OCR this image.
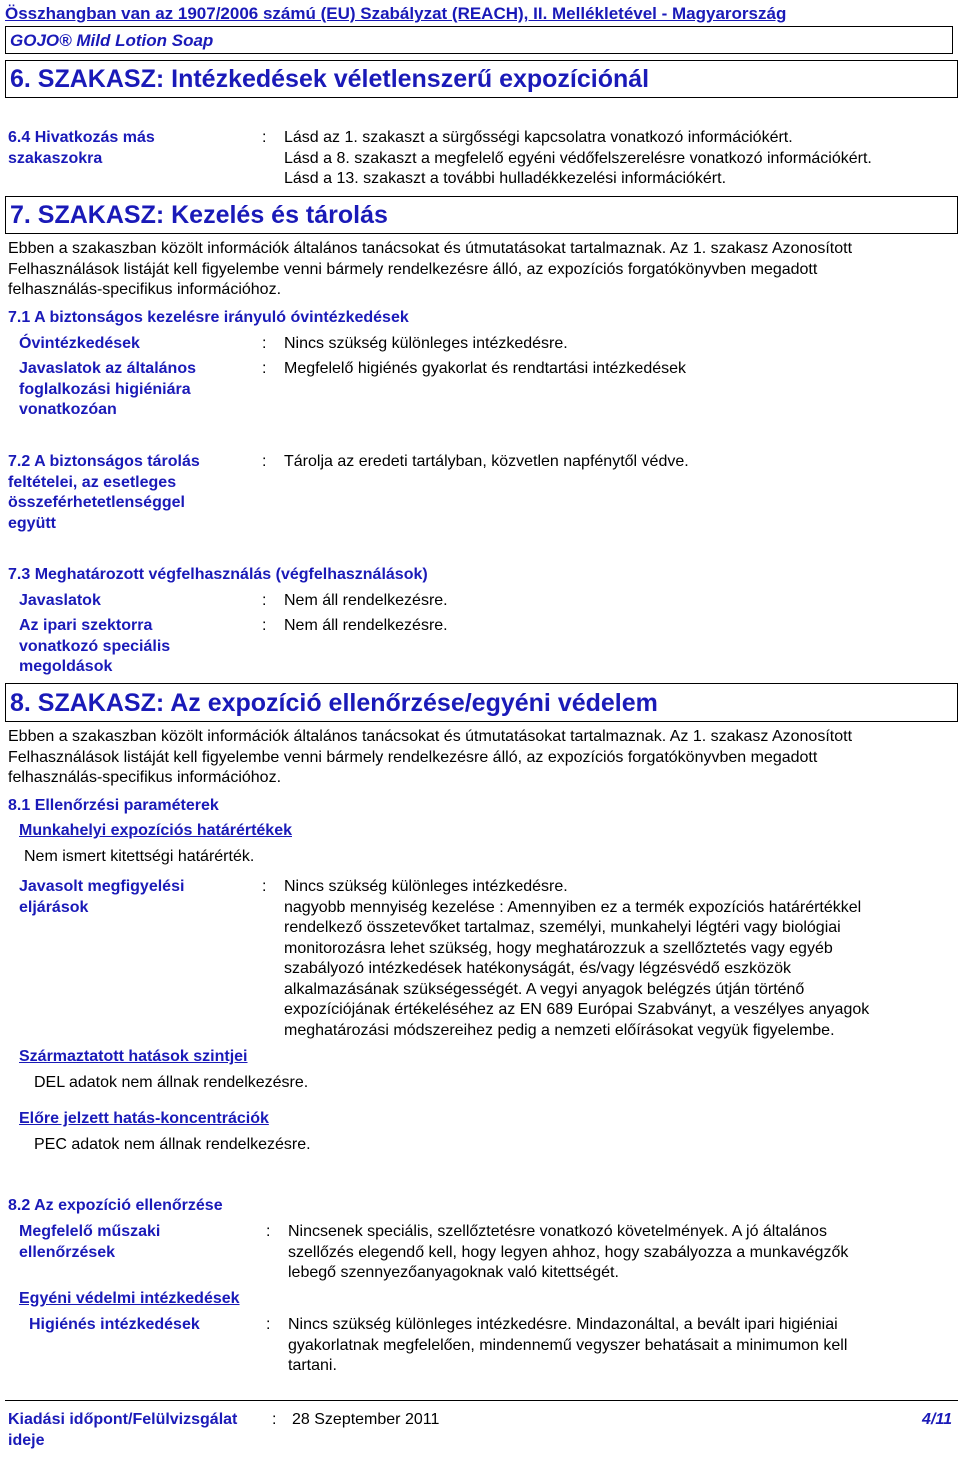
Összhangban van az 1907/2006 számú (EU) Szabályzat (REACH), II. Mellékletével - Magyarország
GOJO® Mild Lotion Soap
6. SZAKASZ: Intézkedések véletlenszerű expozíciónál
6.4 Hivatkozás más
szakaszokra
: Lásd az 1. szakaszt a sürgősségi kapcsolatra vonatkozó információkért.
Lásd a 8. szakaszt a megfelelő egyéni védőfelszerelésre vonatkozó információkért.
Lásd a 13. szakaszt a további hulladékkezelési információkért.
7. SZAKASZ: Kezelés és tárolás
Ebben a szakaszban közölt információk általános tanácsokat és útmutatásokat tartalmaznak. Az 1. szakasz Azonosított
Felhasználások listáját kell figyelembe venni bármely rendelkezésre álló, az expozíciós forgatókönyvben megadott
felhasználás-specifikus információhoz.
7.1 A biztonságos kezelésre irányuló óvintézkedések
Óvintézkedések	: Nincs szükség különleges intézkedésre.
Javaslatok az általános
foglalkozási higiéniára
vonatkozóan
: Megfelelő higiénés gyakorlat és rendtartási intézkedések
7.2 A biztonságos tárolás
feltételei, az esetleges
összeférhetetlenséggel
együtt
: Tárolja az eredeti tartályban, közvetlen napfénytől védve.
7.3 Meghatározott végfelhasználás (végfelhasználások)
Javaslatok	: Nem áll rendelkezésre.
Az ipari szektorra
vonatkozó speciális
megoldások
: Nem áll rendelkezésre.
8. SZAKASZ: Az expozíció ellenőrzése/egyéni védelem
Ebben a szakaszban közölt információk általános tanácsokat és útmutatásokat tartalmaznak. Az 1. szakasz Azonosított
Felhasználások listáját kell figyelembe venni bármely rendelkezésre álló, az expozíciós forgatókönyvben megadott
felhasználás-specifikus információhoz.
8.1 Ellenőrzési paraméterek
Munkahelyi expozíciós határértékek
Nem ismert kitettségi határérték.
Javasolt megfigyelési
eljárások
: Nincs szükség különleges intézkedésre.
nagyobb mennyiség kezelése : Amennyiben ez a termék expozíciós határértékkel
rendelkező összetevőket tartalmaz, személyi, munkahelyi légtéri vagy biológiai
monitorozásra lehet szükség, hogy meghatározzuk a szellőztetés vagy egyéb
szabályozó intézkedések hatékonyságát, és/vagy légzésvédő eszközök
alkalmazásának szükségességét. A vegyi anyagok belégzés útján történő
expozíciójának értékeléséhez az EN 689 Európai Szabványt, a veszélyes anyagok
meghatározási módszereihez pedig a nemzeti előírásokat vegyük figyelembe.
Származtatott hatások szintjei
DEL adatok nem állnak rendelkezésre.
Előre jelzett hatás-koncentrációk
PEC adatok nem állnak rendelkezésre.
8.2 Az expozíció ellenőrzése
Megfelelő műszaki
ellenőrzések
: Nincsenek speciális, szellőztetésre vonatkozó követelmények. A jó általános
szellőzés elegendő kell, hogy legyen ahhoz, hogy szabályozza a munkavégzők
lebegő szennyezőanyagoknak való kitettségét.
Egyéni védelmi intézkedések
Higiénés intézkedések	: Nincs szükség különleges intézkedésre. Mindazonáltal, a bevált ipari higiéniai
gyakorlatnak megfelelően, mindennemű vegyszer behatásait a minimumon kell
tartani.
Kiadási időpont/Felülvizsgálat
ideje
: 28 Szeptember 2011	4/11
